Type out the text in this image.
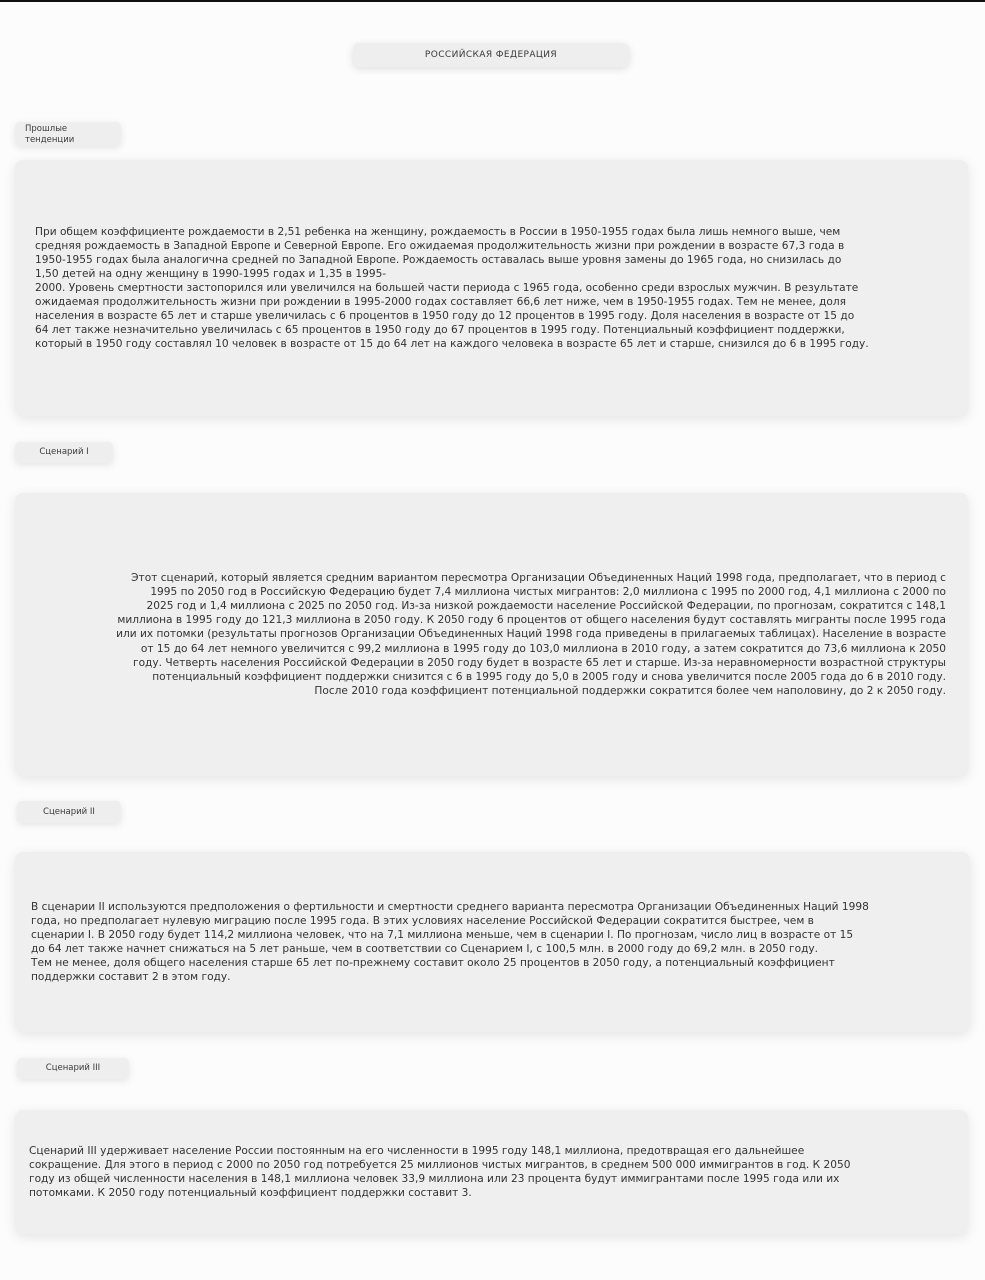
РОССИЙСКАЯ ФЕДЕРАЦИЯ
Прошлые
тенденции

При общем коэффициенте рождаемости в 2,51 ребенка на женщину, рождаемость в России в 1950-1955 годах была лишь немного выше, чем
средняя рождаемость в Западной Европе и Северной Европе. Его ожидаемая продолжительность жизни при рождении в возрасте 67,3 года в
1950-1955 годах была аналогична средней по Западной Европе. Рождаемость оставалась выше уровня замены до 1965 года, но снизилась до
1,50 детей на одну женщину в 1990-1995 годах и 1,35 в 1995-
2000. Уровень смертности застопорился или увеличился на большей части периода с 1965 года, особенно среди взрослых мужчин. В результате
ожидаемая продолжительность жизни при рождении в 1995-2000 годах составляет 66,6 лет ниже, чем в 1950-1955 годах. Тем не менее, доля
населения в возрасте 65 лет и старше увеличилась с 6 процентов в 1950 году до 12 процентов в 1995 году. Доля населения в возрасте от 15 до
64 лет также незначительно увеличилась с 65 процентов в 1950 году до 67 процентов в 1995 году. Потенциальный коэффициент поддержки,
который в 1950 году составлял 10 человек в возрасте от 15 до 64 лет на каждого человека в возрасте 65 лет и старше, снизился до 6 в 1995 году.

Сценарий I

Этот сценарий, который является средним вариантом пересмотра Организации Объединенных Наций 1998 года, предполагает, что в период с
1995 по 2050 год в Российскую Федерацию будет 7,4 миллиона чистых мигрантов: 2,0 миллиона с 1995 по 2000 год, 4,1 миллиона с 2000 по
2025 год и 1,4 миллиона с 2025 по 2050 год. Из-за низкой рождаемости население Российской Федерации, по прогнозам, сократится с 148,1
миллиона в 1995 году до 121,3 миллиона в 2050 году. К 2050 году 6 процентов от общего населения будут составлять мигранты после 1995 года
или их потомки (результаты прогнозов Организации Объединенных Наций 1998 года приведены в прилагаемых таблицах). Население в возрасте
от 15 до 64 лет немного увеличится с 99,2 миллиона в 1995 году до 103,0 миллиона в 2010 году, а затем сократится до 73,6 миллиона к 2050
году. Четверть населения Российской Федерации в 2050 году будет в возрасте 65 лет и старше. Из-за неравномерности возрастной структуры
потенциальный коэффициент поддержки снизится с 6 в 1995 году до 5,0 в 2005 году и снова увеличится после 2005 года до 6 в 2010 году.
После 2010 года коэффициент потенциальной поддержки сократится более чем наполовину, до 2 к 2050 году.

Сценарий II

В сценарии II используются предположения о фертильности и смертности среднего варианта пересмотра Организации Объединенных Наций 1998
года, но предполагает нулевую миграцию после 1995 года. В этих условиях население Российской Федерации сократится быстрее, чем в
сценарии I. В 2050 году будет 114,2 миллиона человек, что на 7,1 миллиона меньше, чем в сценарии I. По прогнозам, число лиц в возрасте от 15
до 64 лет также начнет снижаться на 5 лет раньше, чем в соответствии со Сценарием I, с 100,5 млн. в 2000 году до 69,2 млн. в 2050 году.
Тем не менее, доля общего населения старше 65 лет по-прежнему составит около 25 процентов в 2050 году, а потенциальный коэффициент
поддержки составит 2 в этом году.

Сценарий III

Сценарий III удерживает население России постоянным на его численности в 1995 году 148,1 миллиона, предотвращая его дальнейшее
сокращение. Для этого в период с 2000 по 2050 год потребуется 25 миллионов чистых мигрантов, в среднем 500 000 иммигрантов в год. К 2050
году из общей численности населения в 148,1 миллиона человек 33,9 миллиона или 23 процента будут иммигрантами после 1995 года или их
потомками. К 2050 году потенциальный коэффициент поддержки составит 3.
